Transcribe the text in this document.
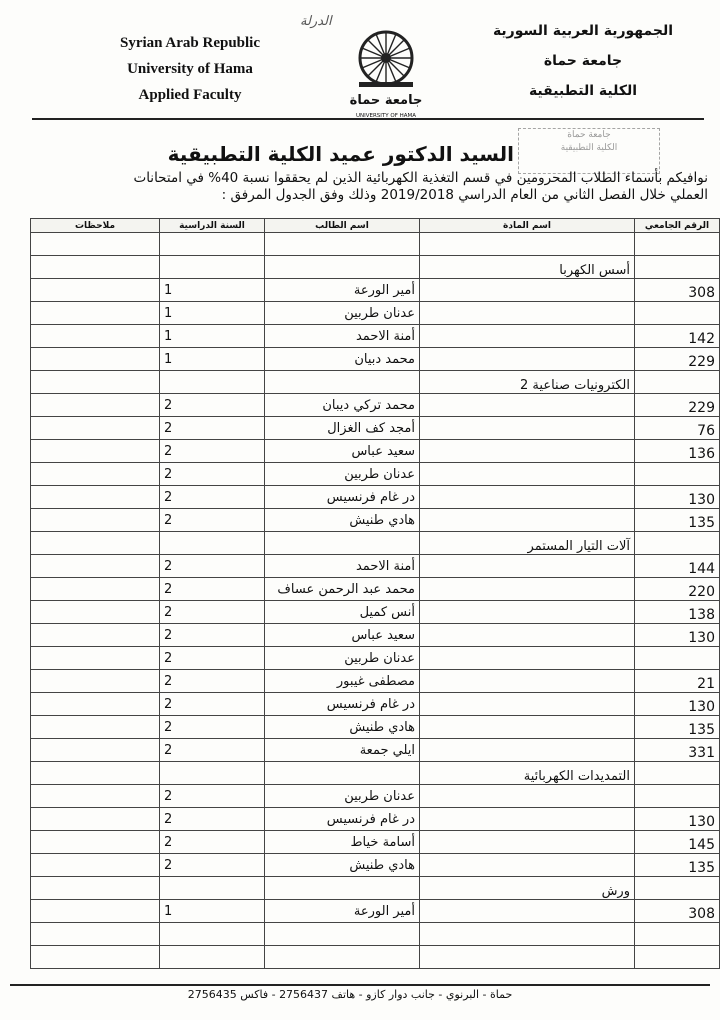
Syrian Arab Republic
University of Hama
Applied Faculty
الدرلة
جامعة حماة
UNIVERSITY OF HAMA
الجمهورية العربية السورية
جامعة حماة
الكلية التطبيقية
جامعة حماة
الكلية التطبيقية
السيد الدكتور عميد الكلية التطبيقية
نوافيكم بأسماء الطلاب المحرومين في قسم التغذية الكهربائية الذين لم يحققوا نسبة 40% في امتحانات
العملي خلال الفصل الثاني من العام الدراسي 2019/2018 وذلك وفق الجدول المرفق :
ملاحظات	السنة الدراسية	اسم الطالب	اسم المادة	الرقم الجامعي

			أسس الكهربا	
	1	أمير الورعة		308
	1	عدنان طربين		
	1	أمنة الاحمد		142
	1	محمد دبيان		229
			الكترونيات صناعية 2	
	2	محمد تركي ديبان		229
	2	أمجد كف الغزال		76
	2	سعيد عباس		136
	2	عدنان طربين		
	2	در غام فرنسيس		130
	2	هادي طنيش		135
			آلات التيار المستمر	
	2	أمنة الاحمد		144
	2	محمد عبد الرحمن عساف		220
	2	أنس كميل		138
	2	سعيد عباس		130
	2	عدنان طربين		
	2	مصطفى غيبور		21
	2	در غام فرنسيس		130
	2	هادي طنيش		135
	2	ايلي جمعة		331
			التمديدات الكهربائية	
	2	عدنان طربين		
	2	در غام فرنسيس		130
	2	أسامة خياط		145
	2	هادي طنيش		135
			ورش	
	1	أمير الورعة		308

حماة - البرنوي - جانب دوار كازو - هاتف 2756437 - فاكس 2756435
